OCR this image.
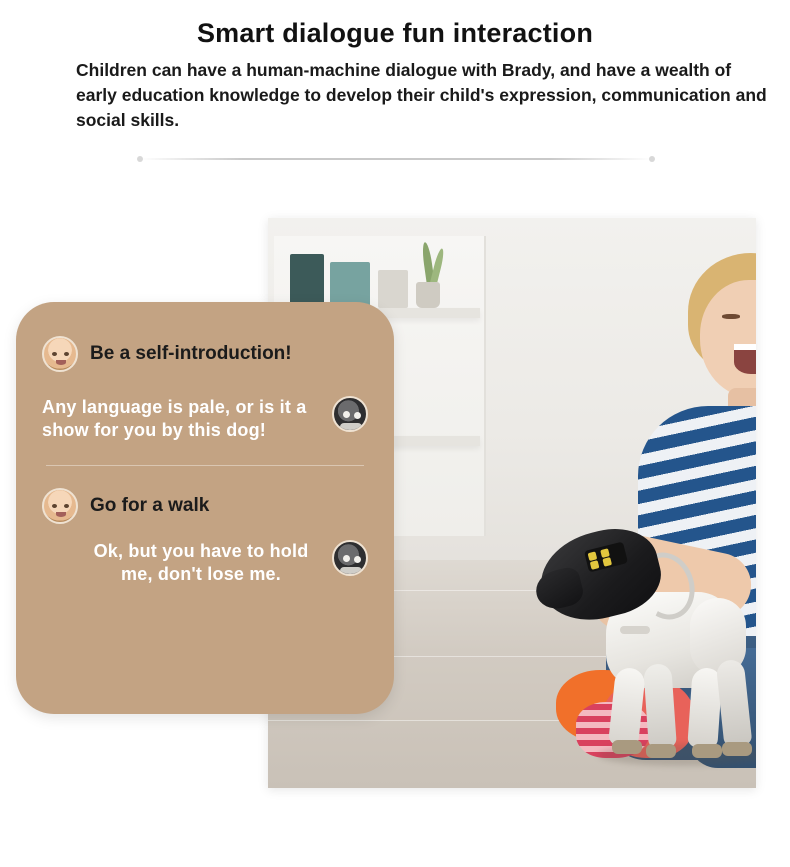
Smart dialogue fun interaction
Children can have a human-machine dialogue with Brady, and have a wealth of early education knowledge to develop their child's expression, communication and social skills.
Be a self-introduction!
Any language is pale, or is it a show for you by this dog!
Go for a walk
Ok, but you have to hold me, don't lose me.
